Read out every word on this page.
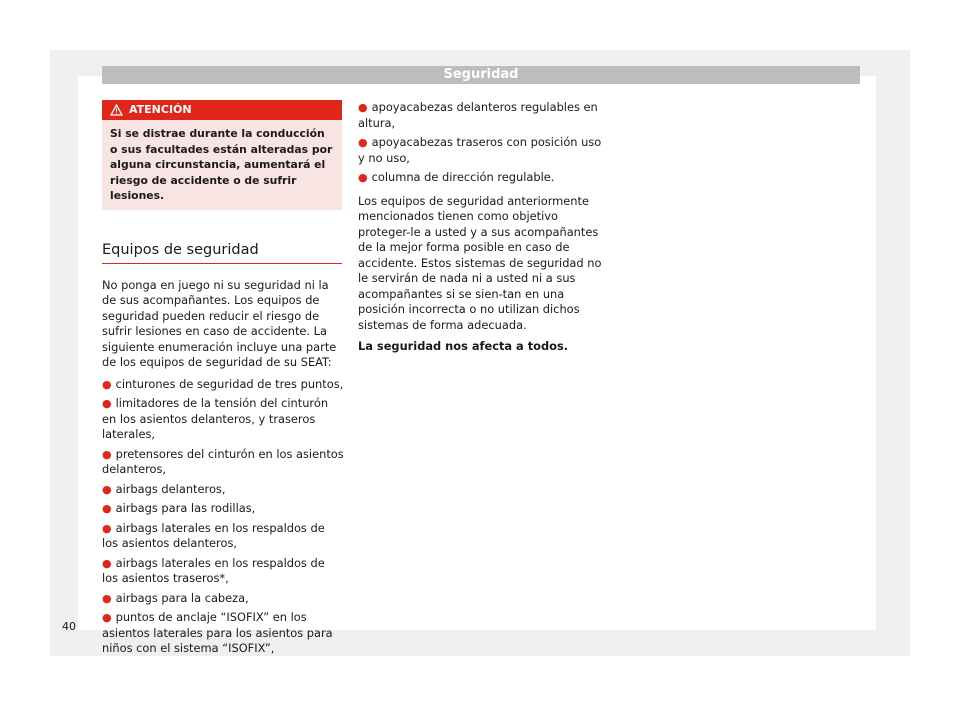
Seguridad
ATENCIÓN
Si se distrae durante la conducción o sus facultades están alteradas por alguna circunstancia, aumentará el riesgo de accidente o de sufrir lesiones.
Equipos de seguridad

No ponga en juego ni su seguridad ni la de sus acompañantes. Los equipos de seguridad pueden reducir el riesgo de sufrir lesiones en caso de accidente. La siguiente enumeración incluye una parte de los equipos de seguridad de su SEAT:

● cinturones de seguridad de tres puntos,
● limitadores de la tensión del cinturón en los asientos delanteros, y traseros laterales,
● pretensores del cinturón en los asientos delanteros,
● airbags delanteros,
● airbags para las rodillas,
● airbags laterales en los respaldos de los asientos delanteros,
● airbags laterales en los respaldos de los asientos traseros*,
● airbags para la cabeza,
● puntos de anclaje “ISOFIX” en los asientos laterales para los asientos para niños con el sistema “ISOFIX”,
● apoyacabezas delanteros regulables en altura,
● apoyacabezas traseros con posición uso y no uso,
● columna de dirección regulable.

Los equipos de seguridad anteriormente mencionados tienen como objetivo proteger-le a usted y a sus acompañantes de la mejor forma posible en caso de accidente. Estos sistemas de seguridad no le servirán de nada ni a usted ni a sus acompañantes si se sien-tan en una posición incorrecta o no utilizan dichos sistemas de forma adecuada.

La seguridad nos afecta a todos.
40
